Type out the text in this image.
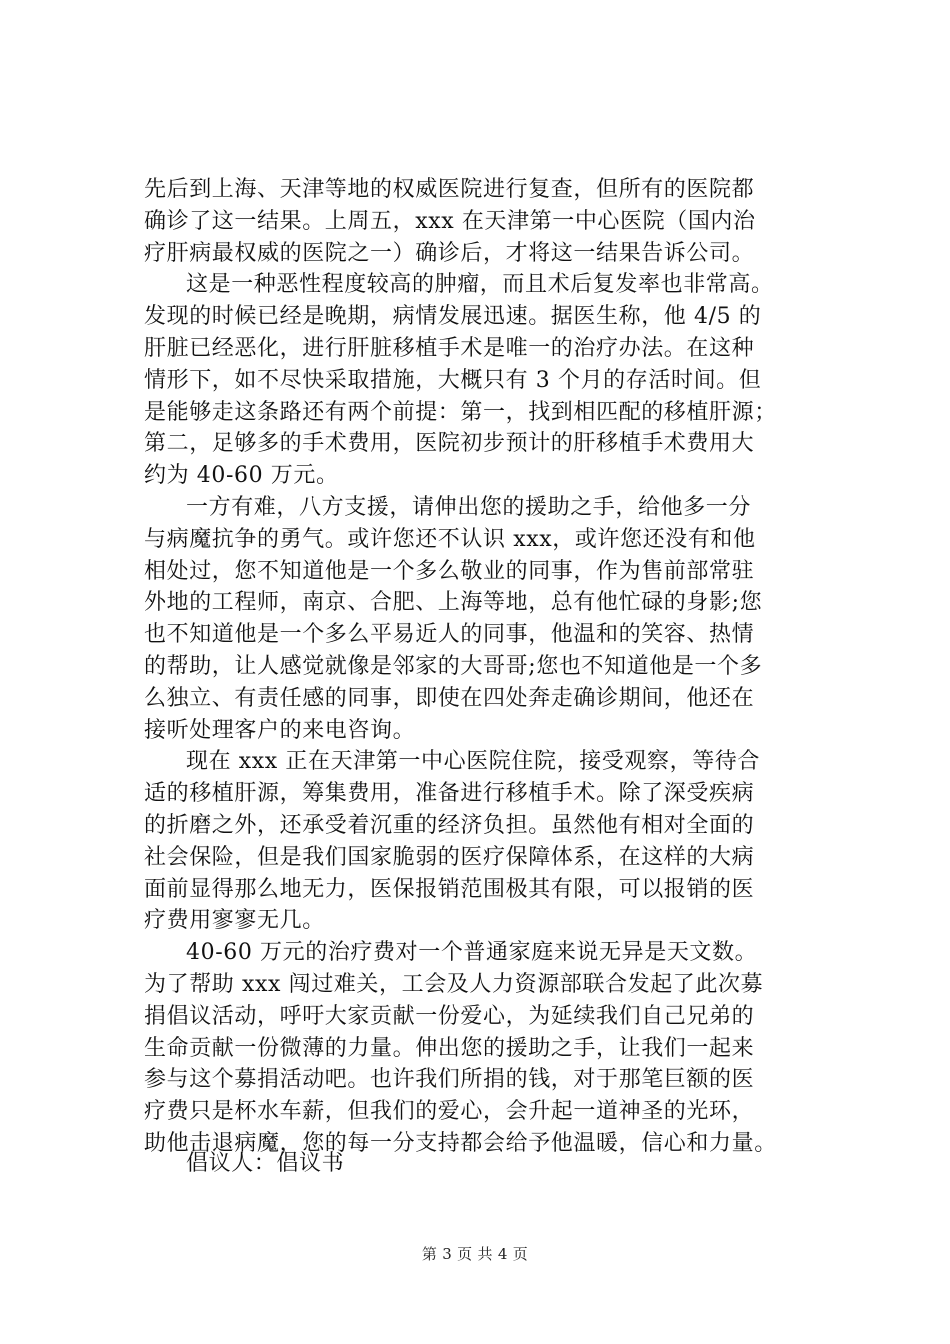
先后到上海、天津等地的权威医院进行复查，但所有的医院都
确诊了这一结果。上周五，xxx 在天津第一中心医院（国内治
疗肝病最权威的医院之一）确诊后，才将这一结果告诉公司。
这是一种恶性程度较高的肿瘤，而且术后复发率也非常高。
发现的时候已经是晚期，病情发展迅速。据医生称，他 4/5 的
肝脏已经恶化，进行肝脏移植手术是唯一的治疗办法。在这种
情形下，如不尽快采取措施，大概只有 3 个月的存活时间。但
是能够走这条路还有两个前提：第一，找到相匹配的移植肝源；
第二，足够多的手术费用，医院初步预计的肝移植手术费用大
约为 40-60 万元。
一方有难，八方支援，请伸出您的援助之手，给他多一分
与病魔抗争的勇气。或许您还不认识 xxx，或许您还没有和他
相处过，您不知道他是一个多么敬业的同事，作为售前部常驻
外地的工程师，南京、合肥、上海等地，总有他忙碌的身影;您
也不知道他是一个多么平易近人的同事，他温和的笑容、热情
的帮助，让人感觉就像是邻家的大哥哥;您也不知道他是一个多
么独立、有责任感的同事，即使在四处奔走确诊期间，他还在
接听处理客户的来电咨询。
现在 xxx 正在天津第一中心医院住院，接受观察，等待合
适的移植肝源，筹集费用，准备进行移植手术。除了深受疾病
的折磨之外，还承受着沉重的经济负担。虽然他有相对全面的
社会保险，但是我们国家脆弱的医疗保障体系，在这样的大病
面前显得那么地无力，医保报销范围极其有限，可以报销的医
疗费用寥寥无几。
40-60 万元的治疗费对一个普通家庭来说无异是天文数。
为了帮助 xxx 闯过难关，工会及人力资源部联合发起了此次募
捐倡议活动，呼吁大家贡献一份爱心，为延续我们自己兄弟的
生命贡献一份微薄的力量。伸出您的援助之手，让我们一起来
参与这个募捐活动吧。也许我们所捐的钱，对于那笔巨额的医
疗费只是杯水车薪，但我们的爱心，会升起一道神圣的光环，
助他击退病魔，您的每一分支持都会给予他温暖，信心和力量。
倡议人：倡议书
第 3 页 共 4 页
